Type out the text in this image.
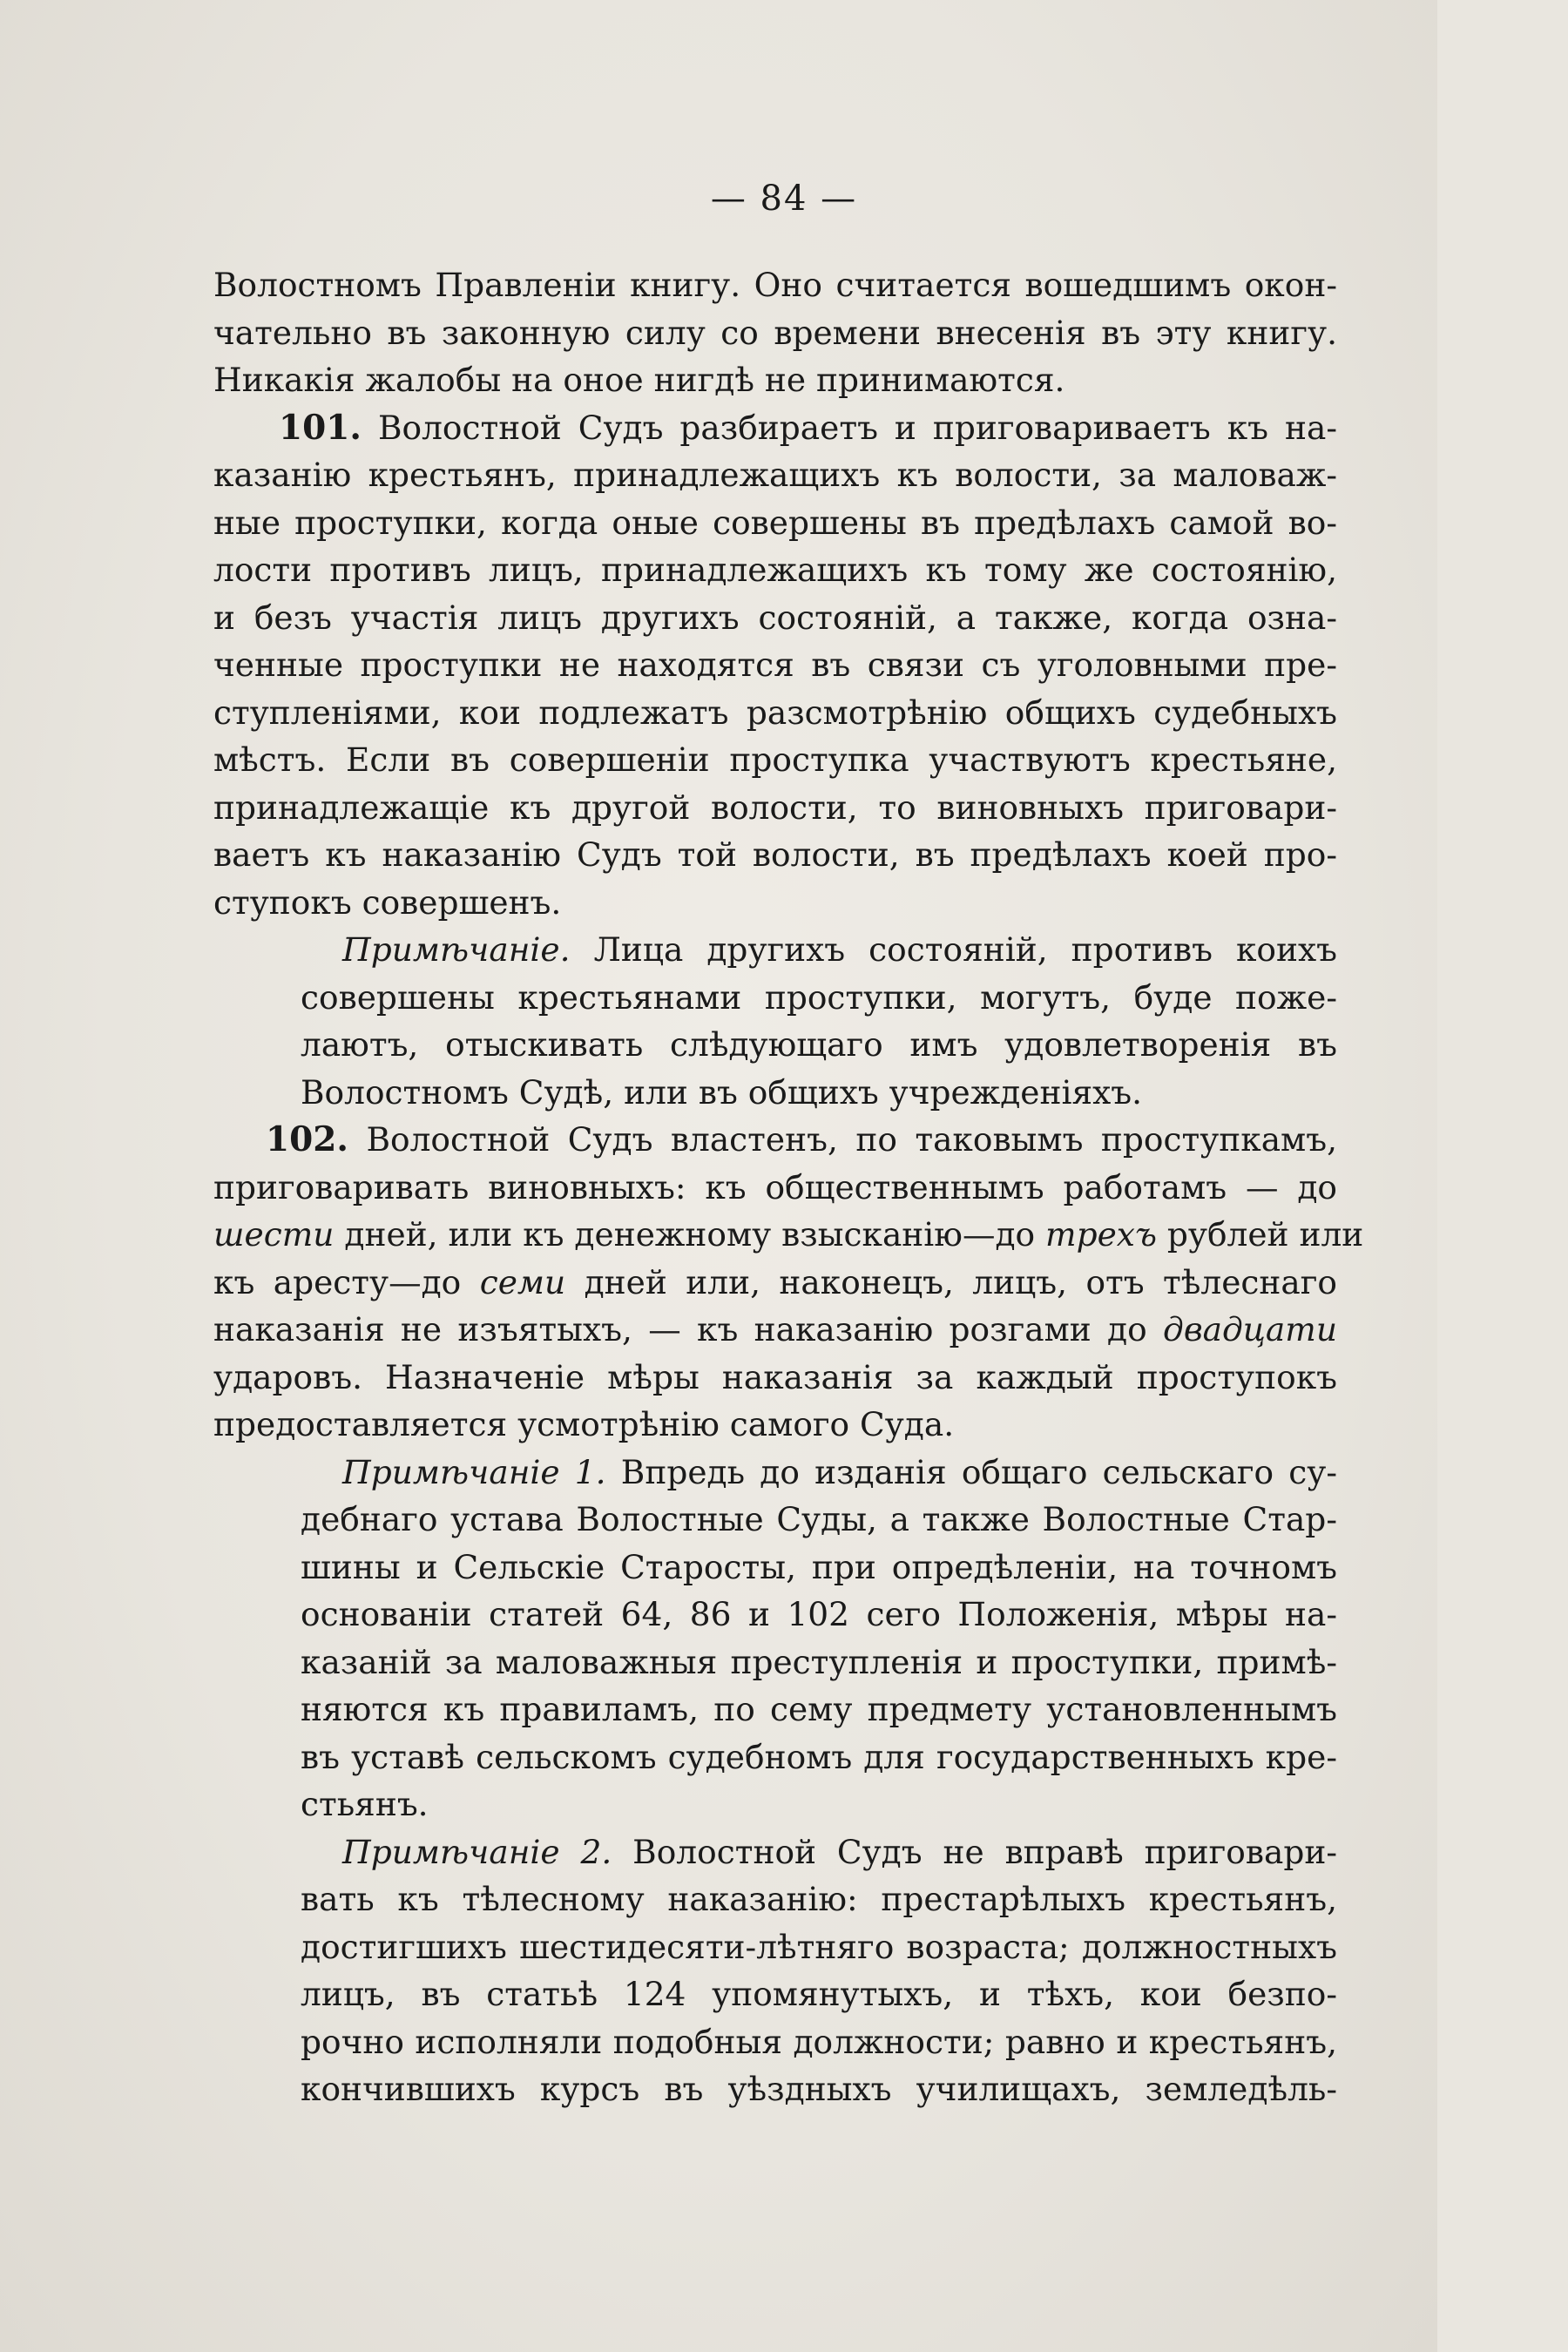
— 84 —
Волостномъ Правленіи книгу. Оно считается вошедшимъ окон-
чательно въ законную силу со времени внесенія въ эту книгу.
Никакія жалобы на оное нигдѣ не принимаются.
101. Волостной Судъ разбираетъ и приговариваетъ къ на-
казанію крестьянъ, принадлежащихъ къ волости, за маловаж-
ные проступки, когда оные совершены въ предѣлахъ самой во-
лости противъ лицъ, принадлежащихъ къ тому же состоянію,
и безъ участія лицъ другихъ состояній, а также, когда озна-
ченные проступки не находятся въ связи съ уголовными пре-
ступленіями, кои подлежатъ разсмотрѣнію общихъ судебныхъ
мѣстъ. Если въ совершеніи проступка участвуютъ крестьяне,
принадлежащіе къ другой волости, то виновныхъ приговари-
ваетъ къ наказанію Судъ той волости, въ предѣлахъ коей про-
ступокъ совершенъ.
Примѣчаніе. Лица другихъ состояній, противъ коихъ
совершены крестьянами проступки, могутъ, буде поже-
лаютъ, отыскивать слѣдующаго имъ удовлетворенія въ
Волостномъ Судѣ, или въ общихъ учрежденіяхъ.
102. Волостной Судъ властенъ, по таковымъ проступкамъ,
приговаривать виновныхъ: къ общественнымъ работамъ — до
шести дней, или къ денежному взысканію—до трехъ рублей или
къ аресту—до семи дней или, наконецъ, лицъ, отъ тѣлеснаго
наказанія не изъятыхъ, — къ наказанію розгами до двадцати
ударовъ. Назначеніе мѣры наказанія за каждый проступокъ
предоставляется усмотрѣнію самого Суда.
Примѣчаніе 1. Впредь до изданія общаго сельскаго су-
дебнаго устава Волостные Суды, а также Волостные Стар-
шины и Сельскіе Старосты, при опредѣленіи, на точномъ
основаніи статей 64, 86 и 102 сего Положенія, мѣры на-
казаній за маловажныя преступленія и проступки, примѣ-
няются къ правиламъ, по сему предмету установленнымъ
въ уставѣ сельскомъ судебномъ для государственныхъ кре-
стьянъ.
Примѣчаніе 2. Волостной Судъ не вправѣ приговари-
вать къ тѣлесному наказанію: престарѣлыхъ крестьянъ,
достигшихъ шестидесяти-лѣтняго возраста; должностныхъ
лицъ, въ статьѣ 124 упомянутыхъ, и тѣхъ, кои безпо-
рочно исполняли подобныя должности; равно и крестьянъ,
кончившихъ курсъ въ уѣздныхъ училищахъ, земледѣль-
